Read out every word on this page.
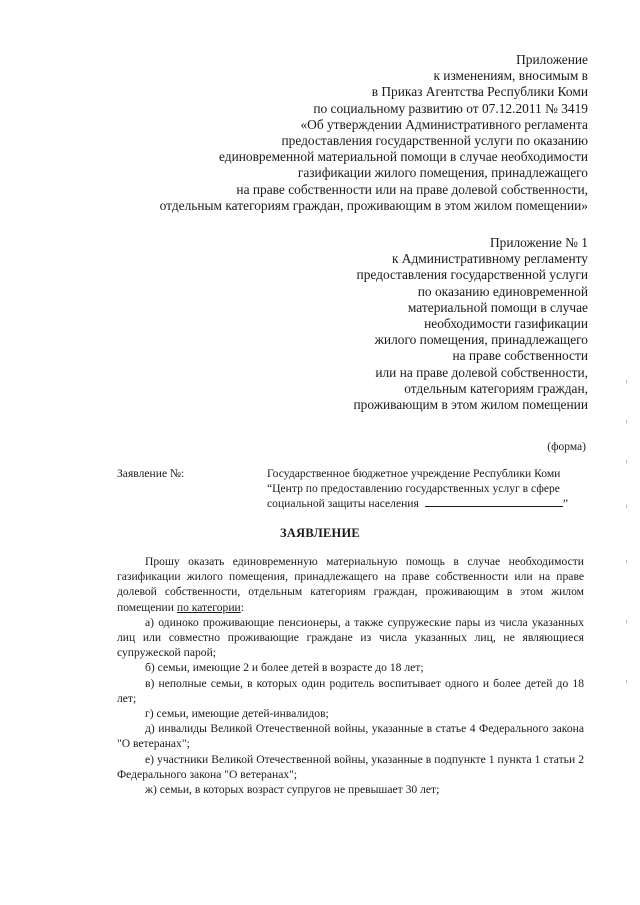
Приложение
к изменениям, вносимым в
в Приказ Агентства Республики Коми
по социальному развитию от 07.12.2011 № 3419
«Об утверждении Административного регламента
предоставления государственной услуги по оказанию
единовременной материальной помощи в случае необходимости
газификации жилого помещения, принадлежащего
на праве собственности или на праве долевой собственности,
отдельным категориям граждан, проживающим в этом жилом помещении»
Приложение № 1
к Административному регламенту
предоставления государственной услуги
по оказанию единовременной
материальной помощи в случае
необходимости газификации
жилого помещения, принадлежащего
на праве собственности
или на праве долевой собственности,
отдельным категориям граждан,
проживающим в этом жилом помещении
(форма)
Заявление №:	Государственное бюджетное учреждение Республики Коми
“Центр по предоставлению государственных услуг в сфере
социальной защиты населения	”
ЗАЯВЛЕНИЕ

Прошу оказать единовременную материальную помощь в случае необходимости газификации жилого помещения, принадлежащего на праве собственности или на праве долевой собственности, отдельным категориям граждан, проживающим в этом жилом помещении по категории:

а) одиноко проживающие пенсионеры, а также супружеские пары из числа указанных лиц или совместно проживающие граждане из числа указанных лиц, не являющиеся супружеской парой;

б) семьи, имеющие 2 и более детей в возрасте до 18 лет;

в) неполные семьи, в которых один родитель воспитывает одного и более детей до 18 лет;

г) семьи, имеющие детей-инвалидов;

д) инвалиды Великой Отечественной войны, указанные в статье 4 Федерального закона "О ветеранах";

е) участники Великой Отечественной войны, указанные в подпункте 1 пункта 1 статьи 2 Федерального закона "О ветеранах";

ж) семьи, в которых возраст супругов не превышает 30 лет;
